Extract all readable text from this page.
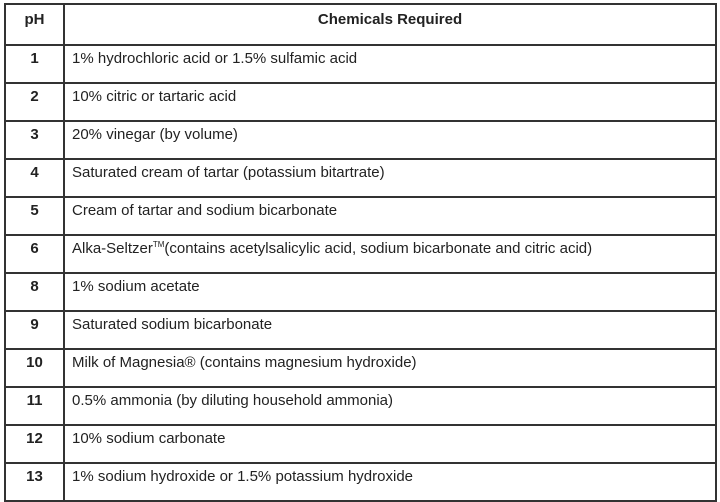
pH	Chemicals Required
1	1% hydrochloric acid or 1.5% sulfamic acid
2	10% citric or tartaric acid
3	20% vinegar (by volume)
4	Saturated cream of tartar (potassium bitartrate)
5	Cream of tartar and sodium bicarbonate
6	Alka-Seltzer™(contains acetylsalicylic acid, sodium bicarbonate and citric acid)
8	1% sodium acetate
9	Saturated sodium bicarbonate
10	Milk of Magnesia® (contains magnesium hydroxide)
11	0.5% ammonia (by diluting household ammonia)
12	10% sodium carbonate
13	1% sodium hydroxide or 1.5% potassium hydroxide
